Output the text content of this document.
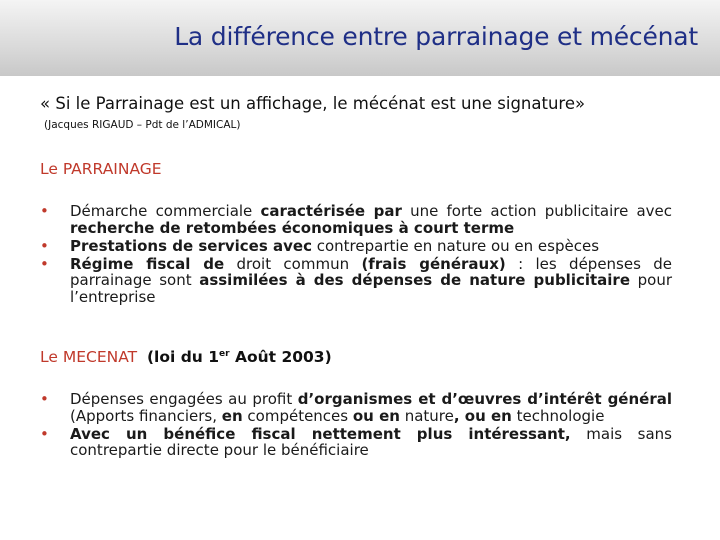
La différence entre parrainage et mécénat
« Si le Parrainage est un affichage, le mécénat est une signature»
(Jacques RIGAUD – Pdt de l’ADMICAL)
Le PARRAINAGE
• Démarche commerciale caractérisée par une forte action publicitaire avec recherche de retombées économiques à court terme
• Prestations de services avec contrepartie en nature ou en espèces
• Régime fiscal de droit commun (frais généraux) : les dépenses de parrainage sont assimilées à des dépenses de nature publicitaire pour l’entreprise
Le MECENAT (loi du 1er Août 2003)
• Dépenses engagées au profit d’organismes et d’œuvres d’intérêt général (Apports financiers, en compétences ou en nature, ou en technologie
• Avec un bénéfice fiscal nettement plus intéressant, mais sans contrepartie directe pour le bénéficiaire
